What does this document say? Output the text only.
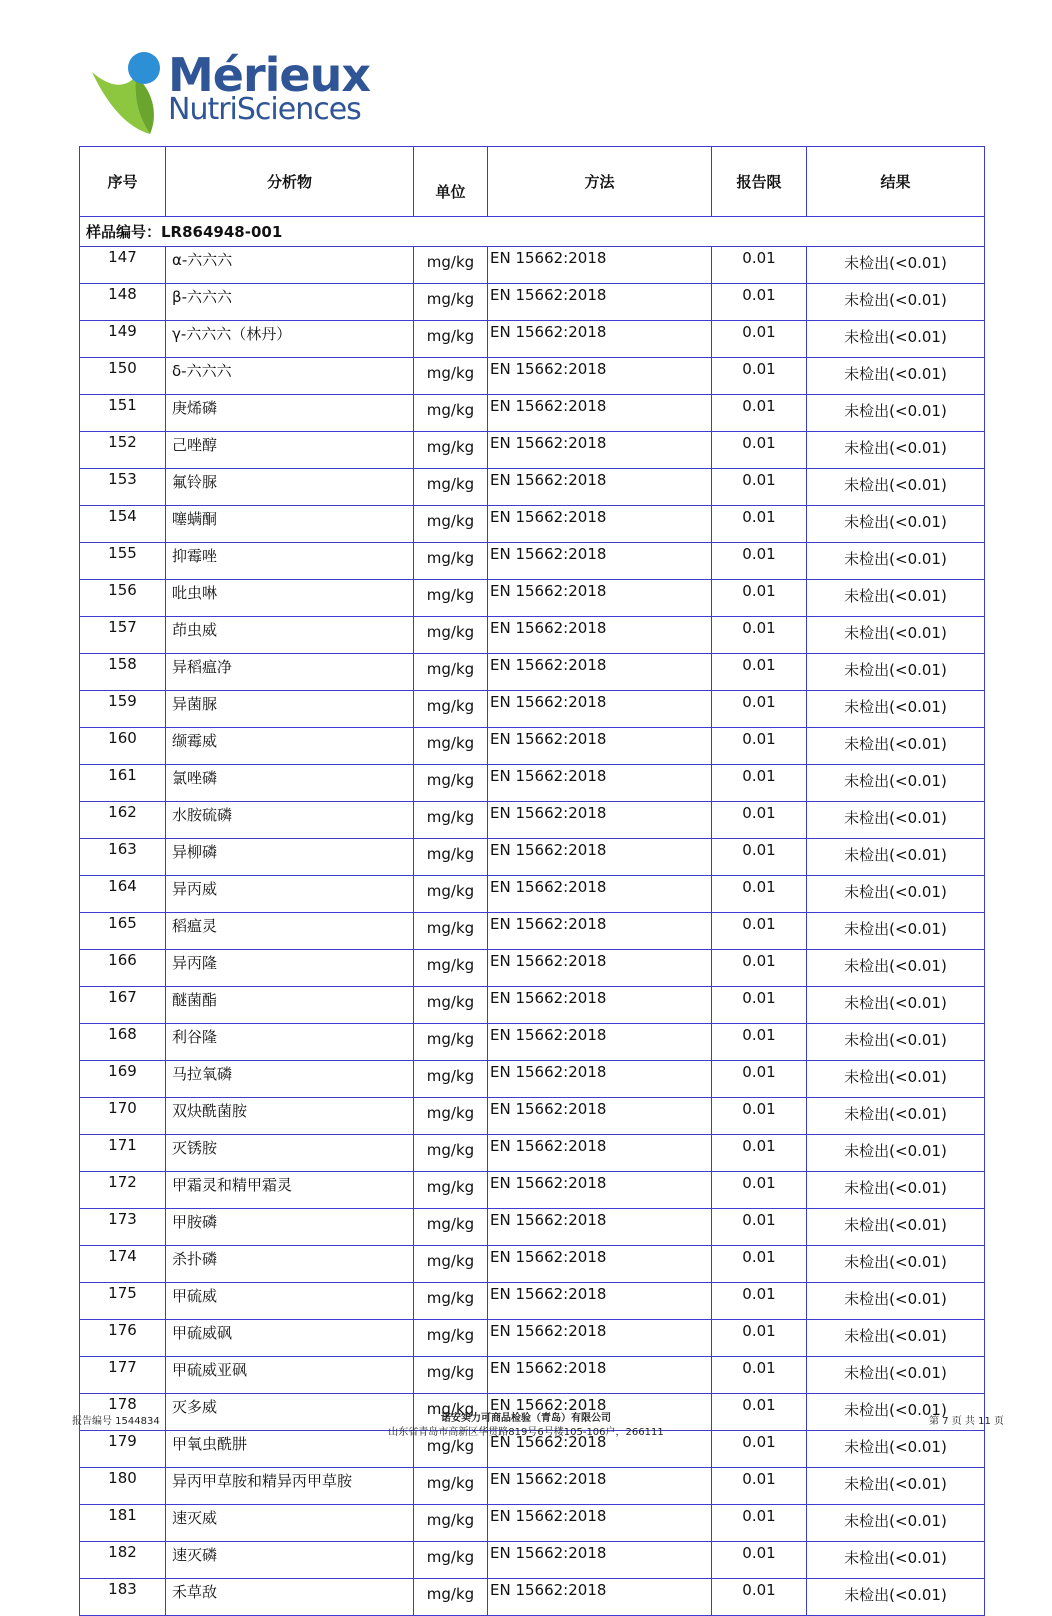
Mérieux
NutriSciences
序号	分析物	单位	方法	报告限	结果
样品编号：LR864948-001					
147	α-六六六	mg/kg	EN 15662:2018	0.01	未检出(<0.01)
148	β-六六六	mg/kg	EN 15662:2018	0.01	未检出(<0.01)
149	γ-六六六（林丹）	mg/kg	EN 15662:2018	0.01	未检出(<0.01)
150	δ-六六六	mg/kg	EN 15662:2018	0.01	未检出(<0.01)
151	庚烯磷	mg/kg	EN 15662:2018	0.01	未检出(<0.01)
152	己唑醇	mg/kg	EN 15662:2018	0.01	未检出(<0.01)
153	氟铃脲	mg/kg	EN 15662:2018	0.01	未检出(<0.01)
154	噻螨酮	mg/kg	EN 15662:2018	0.01	未检出(<0.01)
155	抑霉唑	mg/kg	EN 15662:2018	0.01	未检出(<0.01)
156	吡虫啉	mg/kg	EN 15662:2018	0.01	未检出(<0.01)
157	茚虫威	mg/kg	EN 15662:2018	0.01	未检出(<0.01)
158	异稻瘟净	mg/kg	EN 15662:2018	0.01	未检出(<0.01)
159	异菌脲	mg/kg	EN 15662:2018	0.01	未检出(<0.01)
160	缬霉威	mg/kg	EN 15662:2018	0.01	未检出(<0.01)
161	氯唑磷	mg/kg	EN 15662:2018	0.01	未检出(<0.01)
162	水胺硫磷	mg/kg	EN 15662:2018	0.01	未检出(<0.01)
163	异柳磷	mg/kg	EN 15662:2018	0.01	未检出(<0.01)
164	异丙威	mg/kg	EN 15662:2018	0.01	未检出(<0.01)
165	稻瘟灵	mg/kg	EN 15662:2018	0.01	未检出(<0.01)
166	异丙隆	mg/kg	EN 15662:2018	0.01	未检出(<0.01)
167	醚菌酯	mg/kg	EN 15662:2018	0.01	未检出(<0.01)
168	利谷隆	mg/kg	EN 15662:2018	0.01	未检出(<0.01)
169	马拉氧磷	mg/kg	EN 15662:2018	0.01	未检出(<0.01)
170	双炔酰菌胺	mg/kg	EN 15662:2018	0.01	未检出(<0.01)
171	灭锈胺	mg/kg	EN 15662:2018	0.01	未检出(<0.01)
172	甲霜灵和精甲霜灵	mg/kg	EN 15662:2018	0.01	未检出(<0.01)
173	甲胺磷	mg/kg	EN 15662:2018	0.01	未检出(<0.01)
174	杀扑磷	mg/kg	EN 15662:2018	0.01	未检出(<0.01)
175	甲硫威	mg/kg	EN 15662:2018	0.01	未检出(<0.01)
176	甲硫威砜	mg/kg	EN 15662:2018	0.01	未检出(<0.01)
177	甲硫威亚砜	mg/kg	EN 15662:2018	0.01	未检出(<0.01)
178	灭多威	mg/kg	EN 15662:2018	0.01	未检出(<0.01)
179	甲氧虫酰肼	mg/kg	EN 15662:2018	0.01	未检出(<0.01)
180	异丙甲草胺和精异丙甲草胺	mg/kg	EN 15662:2018	0.01	未检出(<0.01)
181	速灭威	mg/kg	EN 15662:2018	0.01	未检出(<0.01)
182	速灭磷	mg/kg	EN 15662:2018	0.01	未检出(<0.01)
183	禾草敌	mg/kg	EN 15662:2018	0.01	未检出(<0.01)
报告编号 1544834	诺安实力可商品检验（青岛）有限公司
山东省青岛市高新区华贯路819号6号楼105-106户，266111
第 7 页 共 11 页
